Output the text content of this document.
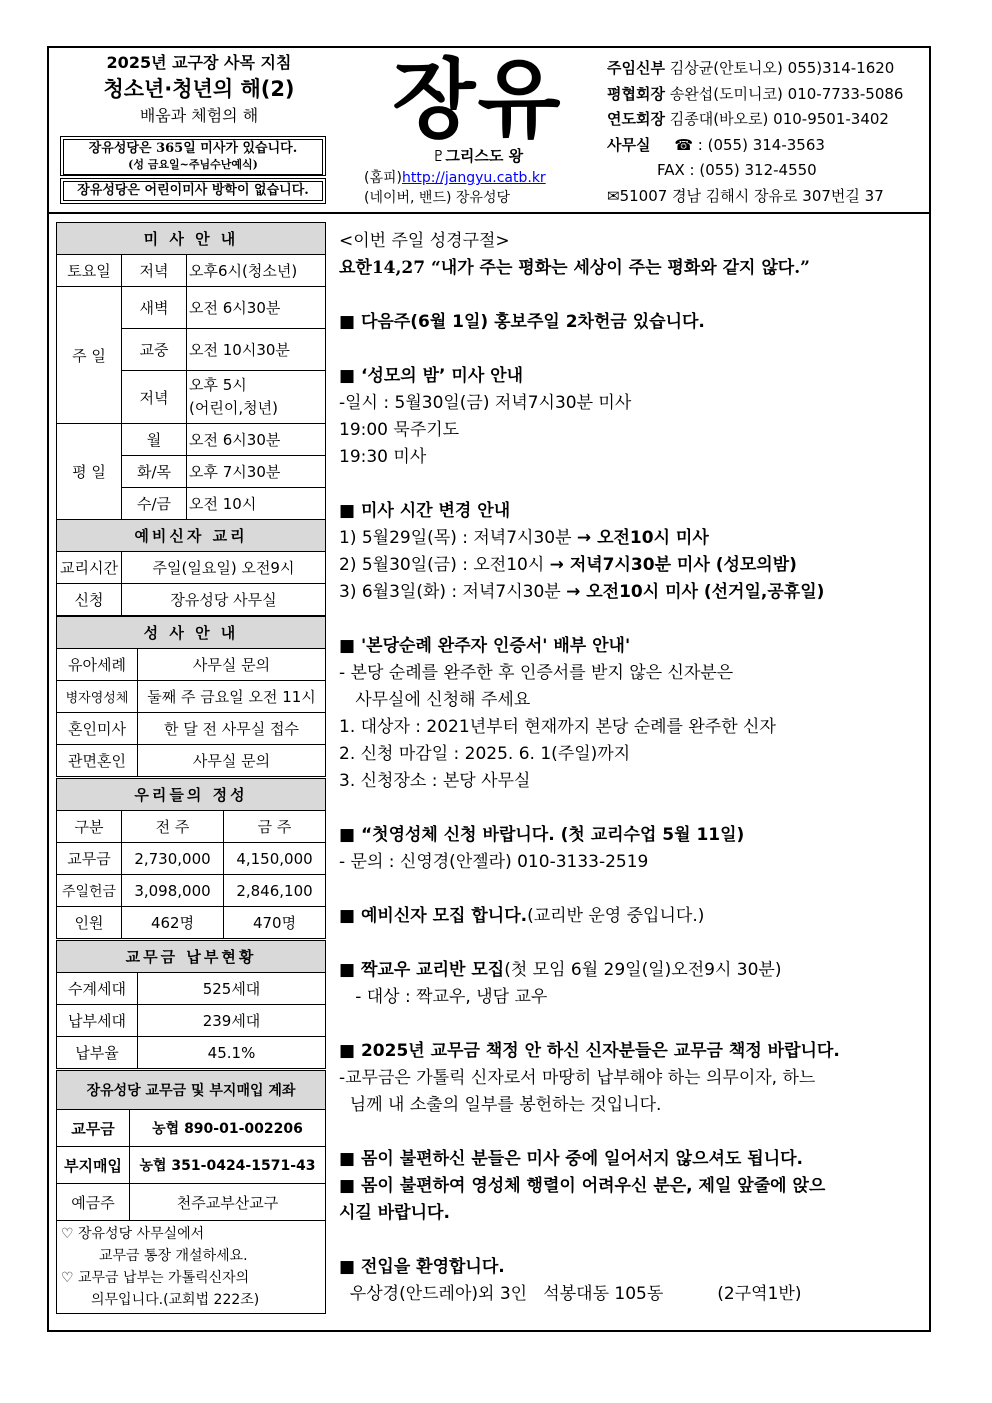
2025년 교구장 사목 지침
청소년·청년의 해(2)
배움과 체험의 해
장유성당은 365일 미사가 있습니다.
(성 금요일~주님수난예식)
장유성당은 어린이미사 방학이 없습니다.
장유
♇그리스도 왕
(홈피)http://jangyu.catb.kr
(네이버, 밴드) 장유성당
주임신부 김상균(안토니오) 055)314-1620
평협회장 송완섭(도미니코) 010-7733-5086
연도회장 김종대(바오로) 010-9501-3402
사무실 ☎ : (055) 314-3563
FAX : (055) 312-4550
✉51007 경남 김해시 장유로 307번길 37
미 사 안 내		
토요일	저녁	오후6시(청소년)
주 일	새벽	오전 6시30분
	교중	오전 10시30분
	저녁	오후 5시
(어린이,청년)

평 일	월	오전 6시30분
	화/목	오후 7시30분
	수/금	오전 10시
예비신자 교리		
교리시간	주일(일요일) 오전9시	
신청	장유성당 사무실	
성 사 안 내	
유아세례	사무실 문의
병자영성체	둘째 주 금요일 오전 11시
혼인미사	한 달 전 사무실 접수
관면혼인	사무실 문의
우리들의 정성		
구분	전 주	금 주
교무금	2,730,000	4,150,000
주일헌금	3,098,000	2,846,100
인원	462명	470명
교무금 납부현황	
수계세대	525세대
납부세대	239세대
납부율	45.1%
장유성당 교무금 및 부지매입 계좌	
교무금	농협 890-01-002206
부지매입	농협 351-0424-1571-43
예금주	천주교부산교구

♡ 장유성당 사무실에서
교무금 통장 개설하세요.
♡ 교무금 납부는 가톨릭신자의
의무입니다.(교회법 222조)	

<이번 주일 성경구절>

요한14,27 “내가 주는 평화는 세상이 주는 평화와 같지 않다.”

■ 다음주(6월 1일) 홍보주일 2차헌금 있습니다.

■ ‘성모의 밤’ 미사 안내

-일시 : 5월30일(금) 저녁7시30분 미사

19:00 묵주기도

19:30 미사

■ 미사 시간 변경 안내

1) 5월29일(목) : 저녁7시30분 → 오전10시 미사

2) 5월30일(금) : 오전10시 → 저녁7시30분 미사 (성모의밤)

3) 6월3일(화) : 저녁7시30분 → 오전10시 미사 (선거일,공휴일)

■ '본당순례 완주자 인증서' 배부 안내'

- 본당 순례를 완주한 후 인증서를 받지 않은 신자분은

사무실에 신청해 주세요

1. 대상자 : 2021년부터 현재까지 본당 순례를 완주한 신자

2. 신청 마감일 : 2025. 6. 1(주일)까지

3. 신청장소 : 본당 사무실

■ “첫영성체 신청 바랍니다. (첫 교리수업 5월 11일)

- 문의 : 신영경(안젤라) 010-3133-2519

■ 예비신자 모집 합니다.(교리반 운영 중입니다.)

■ 짝교우 교리반 모집(첫 모임 6월 29일(일)오전9시 30분)

- 대상 : 짝교우, 냉담 교우

■ 2025년 교무금 책정 안 하신 신자분들은 교무금 책정 바랍니다.

-교무금은 가톨릭 신자로서 마땅히 납부해야 하는 의무이자, 하느

님께 내 소출의 일부를 봉헌하는 것입니다.

■ 몸이 불편하신 분들은 미사 중에 일어서지 않으셔도 됩니다.

■ 몸이 불편하여 영성체 행렬이 어려우신 분은, 제일 앞줄에 앉으

시길 바랍니다.

■ 전입을 환영합니다.

우상경(안드레아)외 3인   석봉대동 105동          (2구역1반)
